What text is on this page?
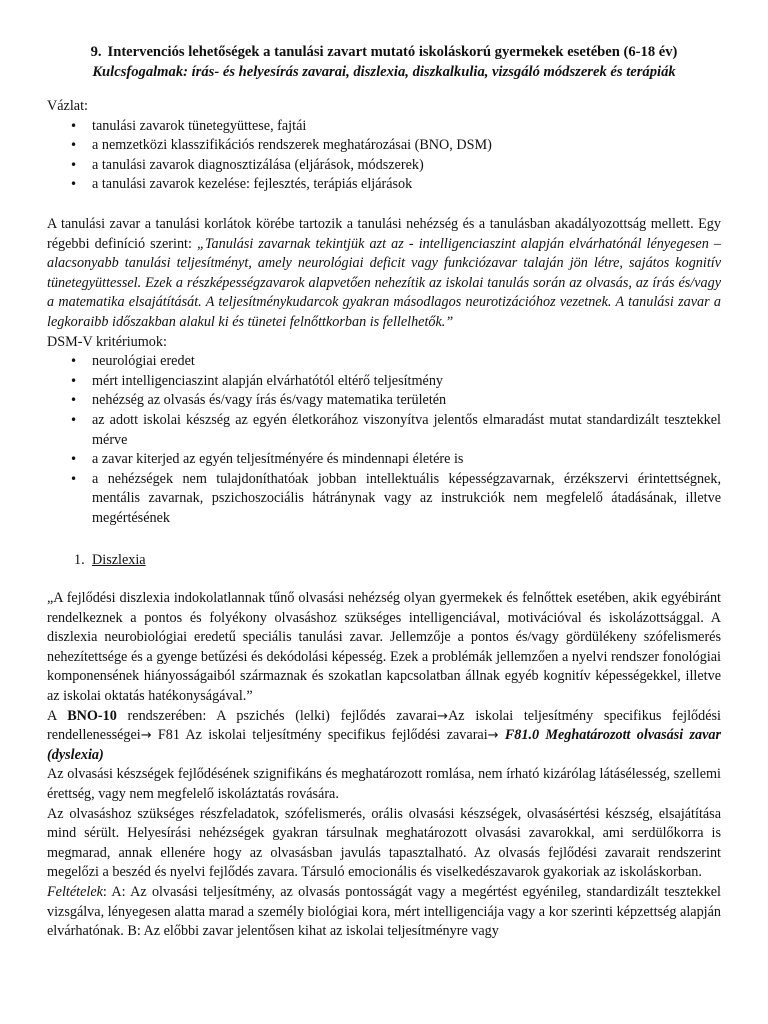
9. Intervenciós lehetőségek a tanulási zavart mutató iskoláskorú gyermekek esetében (6-18 év)
Kulcsfogalmak: írás- és helyesírás zavarai, diszlexia, diszkalkulia, vizsgáló módszerek és terápiák
Vázlat:
• tanulási zavarok tünetegyüttese, fajtái
• a nemzetközi klasszifikációs rendszerek meghatározásai (BNO, DSM)
• a tanulási zavarok diagnosztizálása (eljárások, módszerek)
• a tanulási zavarok kezelése: fejlesztés, terápiás eljárások

A tanulási zavar a tanulási korlátok körébe tartozik a tanulási nehézség és a tanulásban akadályozottság mellett. Egy régebbi definíció szerint: „Tanulási zavarnak tekintjük azt az - intelligenciaszint alapján elvárhatónál lényegesen – alacsonyabb tanulási teljesítményt, amely neurológiai deficit vagy funkciózavar talaján jön létre, sajátos kognitív tünetegyüttessel. Ezek a részképességzavarok alapvetően nehezítik az iskolai tanulás során az olvasás, az írás és/vagy a matematika elsajátítását. A teljesítménykudarcok gyakran másodlagos neurotizációhoz vezetnek. A tanulási zavar a legkoraibb időszakban alakul ki és tünetei felnőttkorban is fellelhetők.”

DSM-V kritériumok:
• neurológiai eredet
• mért intelligenciaszint alapján elvárhatótól eltérő teljesítmény
• nehézség az olvasás és/vagy írás és/vagy matematika területén
• az adott iskolai készség az egyén életkorához viszonyítva jelentős elmaradást mutat standardizált tesztekkel mérve
• a zavar kiterjed az egyén teljesítményére és mindennapi életére is
• a nehézségek nem tulajdoníthatóak jobban intellektuális képességzavarnak, érzékszervi érintettségnek, mentális zavarnak, pszichoszociális hátránynak vagy az instrukciók nem megfelelő átadásának, illetve megértésének
1. Diszlexia

„A fejlődési diszlexia indokolatlannak tűnő olvasási nehézség olyan gyermekek és felnőttek esetében, akik egyébiránt rendelkeznek a pontos és folyékony olvasáshoz szükséges intelligenciával, motivációval és iskolázottsággal. A diszlexia neurobiológiai eredetű speciális tanulási zavar. Jellemzője a pontos és/vagy gördülékeny szófelismerés nehezítettsége és a gyenge betűzési és dekódolási képesség. Ezek a problémák jellemzően a nyelvi rendszer fonológiai komponensének hiányosságaiból származnak és szokatlan kapcsolatban állnak egyéb kognitív képességekkel, illetve az iskolai oktatás hatékonyságával.”

A BNO-10 rendszerében: A pszichés (lelki) fejlődés zavarai→Az iskolai teljesítmény specifikus fejlődési rendellenességei→ F81 Az iskolai teljesítmény specifikus fejlődési zavarai→ F81.0 Meghatározott olvasási zavar (dyslexia)

Az olvasási készségek fejlődésének szignifikáns és meghatározott romlása, nem írható kizárólag látásélesség, szellemi érettség, vagy nem megfelelő iskoláztatás rovására.

Az olvasáshoz szükséges részfeladatok, szófelismerés, orális olvasási készségek, olvasásértési készség, elsajátítása mind sérült. Helyesírási nehézségek gyakran társulnak meghatározott olvasási zavarokkal, ami serdülőkorra is megmarad, annak ellenére hogy az olvasásban javulás tapasztalható. Az olvasás fejlődési zavarait rendszerint megelőzi a beszéd és nyelvi fejlődés zavara. Társuló emocionális és viselkedészavarok gyakoriak az iskoláskorban.

Feltételek: A: Az olvasási teljesítmény, az olvasás pontosságát vagy a megértést egyénileg, standardizált tesztekkel vizsgálva, lényegesen alatta marad a személy biológiai kora, mért intelligenciája vagy a kor szerinti képzettség alapján elvárhatónak. B: Az előbbi zavar jelentősen kihat az iskolai teljesítményre vagy
